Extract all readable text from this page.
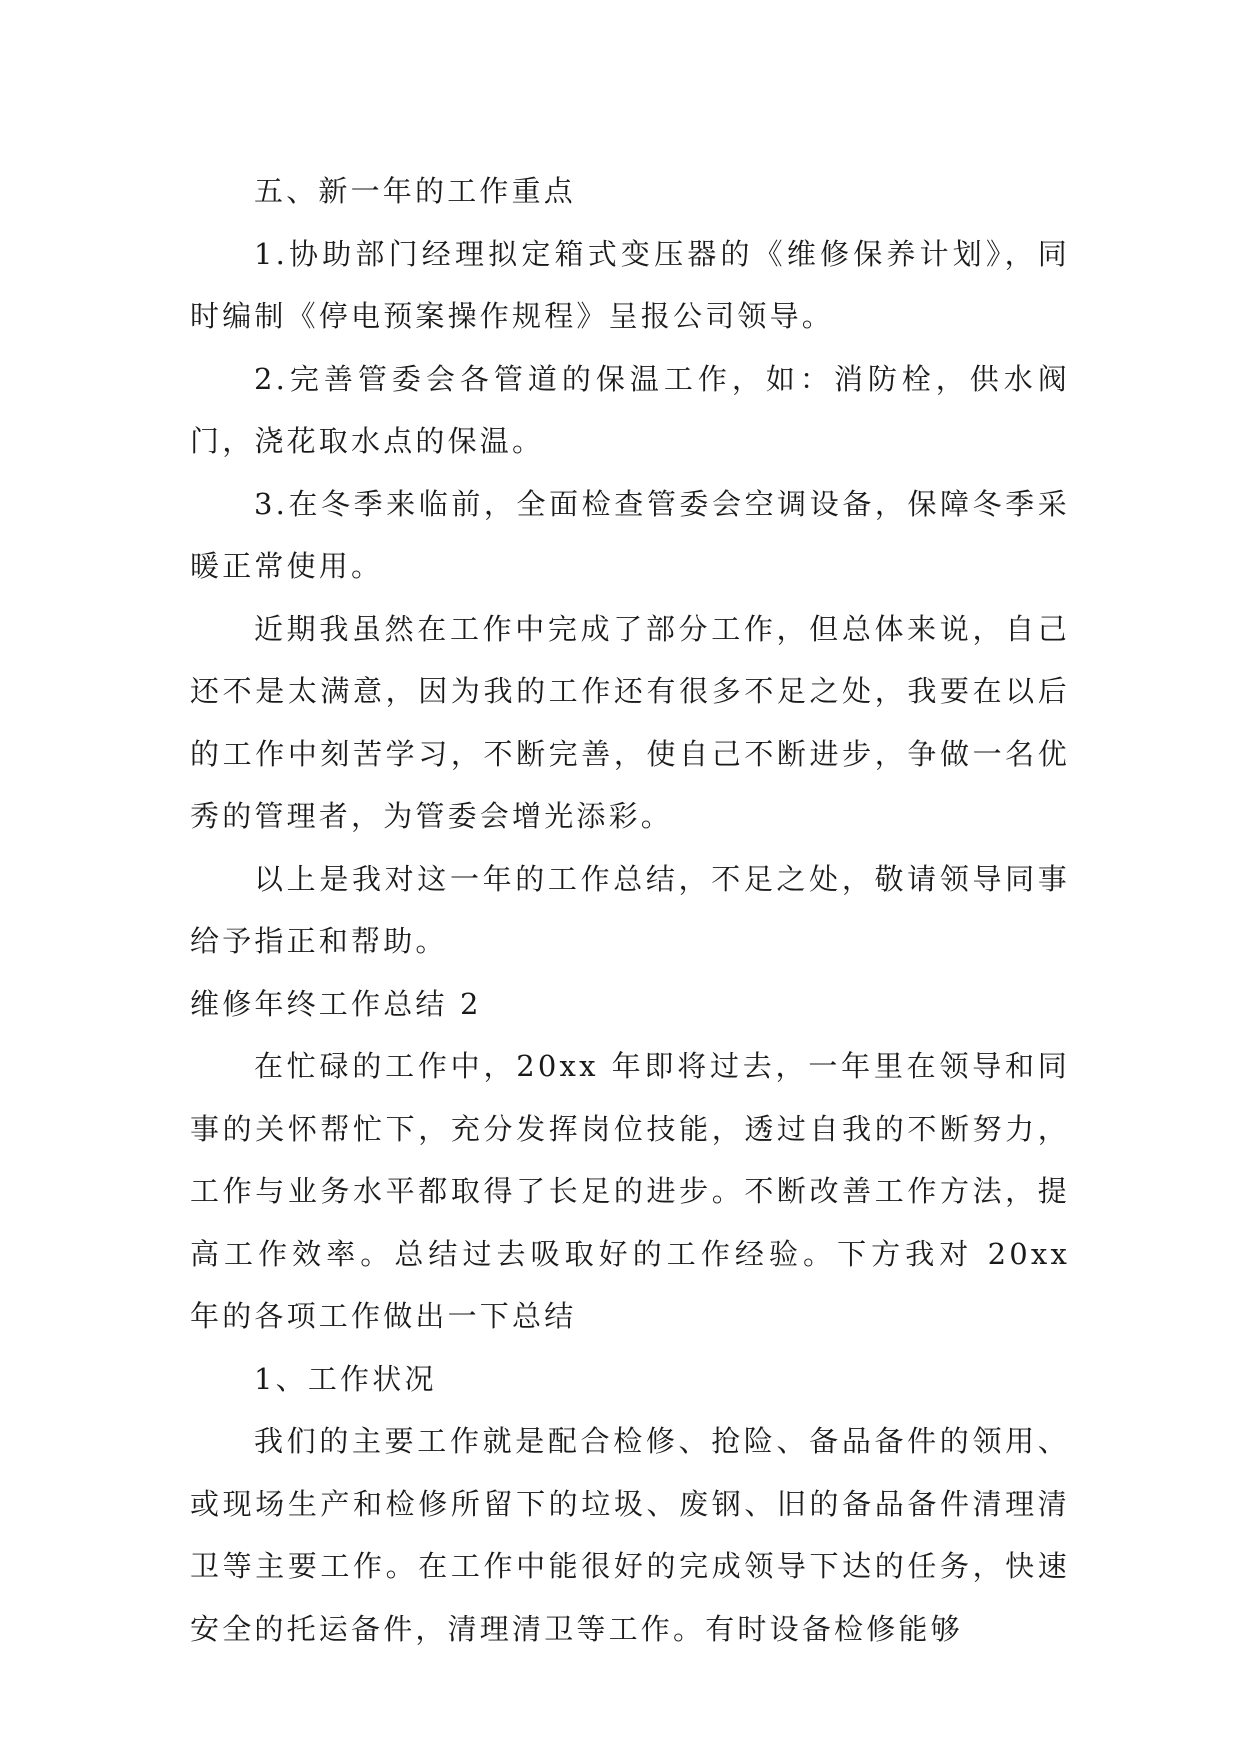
五、新一年的工作重点

1.协助部门经理拟定箱式变压器的《维修保养计划》，同时编制《停电预案操作规程》呈报公司领导。

2.完善管委会各管道的保温工作，如：消防栓，供水阀门，浇花取水点的保温。

3.在冬季来临前，全面检查管委会空调设备，保障冬季采暖正常使用。

近期我虽然在工作中完成了部分工作，但总体来说，自己还不是太满意，因为我的工作还有很多不足之处，我要在以后的工作中刻苦学习，不断完善，使自己不断进步，争做一名优秀的管理者，为管委会增光添彩。

以上是我对这一年的工作总结，不足之处，敬请领导同事给予指正和帮助。

维修年终工作总结 2

在忙碌的工作中，20xx 年即将过去，一年里在领导和同事的关怀帮忙下，充分发挥岗位技能，透过自我的不断努力，工作与业务水平都取得了长足的进步。不断改善工作方法，提高工作效率。总结过去吸取好的工作经验。下方我对 20xx 年的各项工作做出一下总结

1、工作状况

我们的主要工作就是配合检修、抢险、备品备件的领用、或现场生产和检修所留下的垃圾、废钢、旧的备品备件清理清卫等主要工作。在工作中能很好的完成领导下达的任务，快速安全的托运备件，清理清卫等工作。有时设备检修能够
